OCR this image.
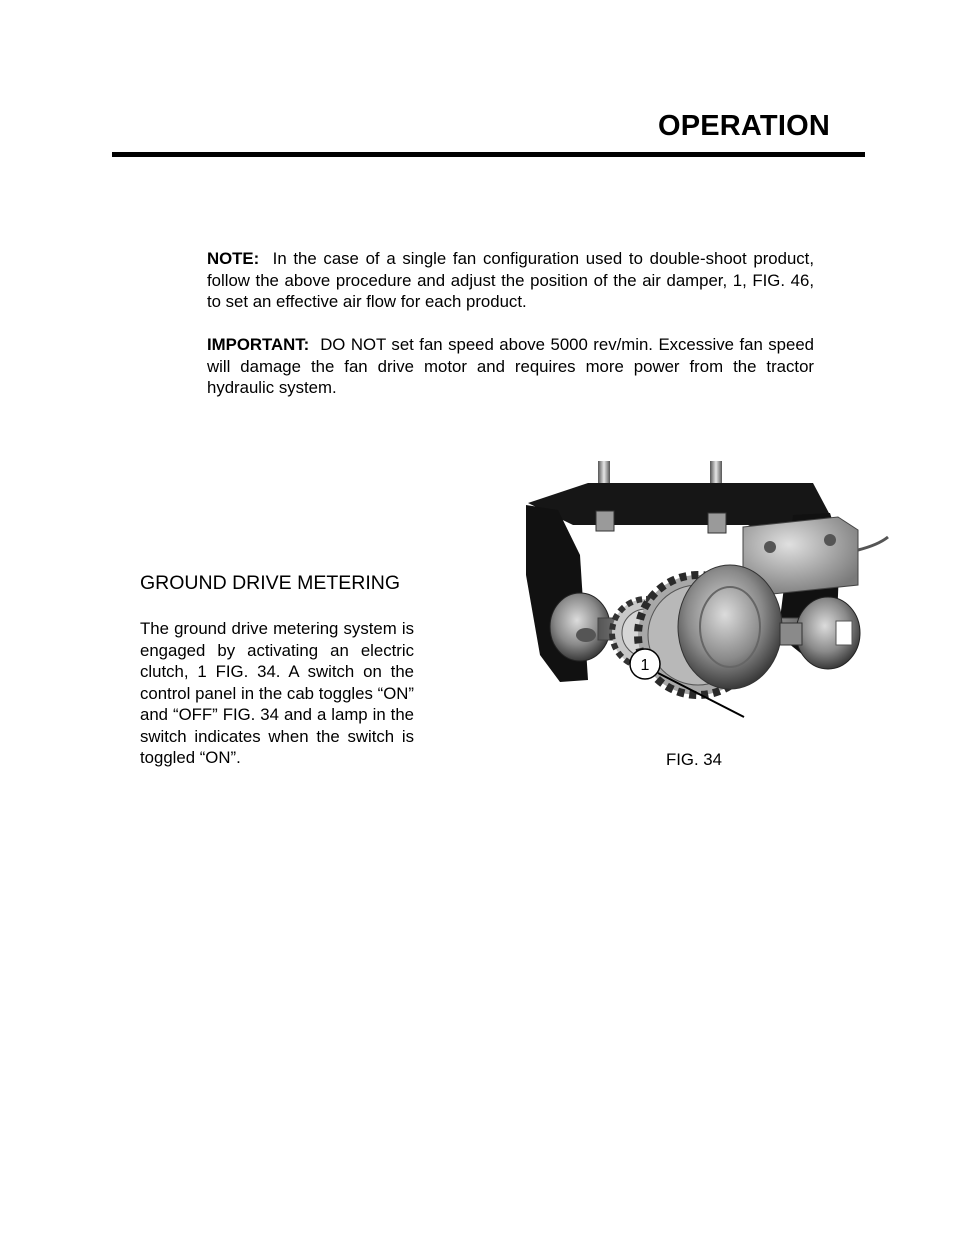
OPERATION
NOTE: In the case of a single fan configuration used to double-shoot product, follow the above procedure and adjust the position of the air damper, 1, FIG. 46, to set an effective air flow for each product.
IMPORTANT: DO NOT set fan speed above 5000 rev/min. Excessive fan speed will damage the fan drive motor and requires more power from the tractor hydraulic system.
GROUND DRIVE METERING
The ground drive metering system is engaged by activating an electric clutch, 1 FIG. 34. A switch on the control panel in the cab toggles “ON” and “OFF” FIG. 34 and a lamp in the switch indicates when the switch is toggled “ON”.
1
FIG. 34
